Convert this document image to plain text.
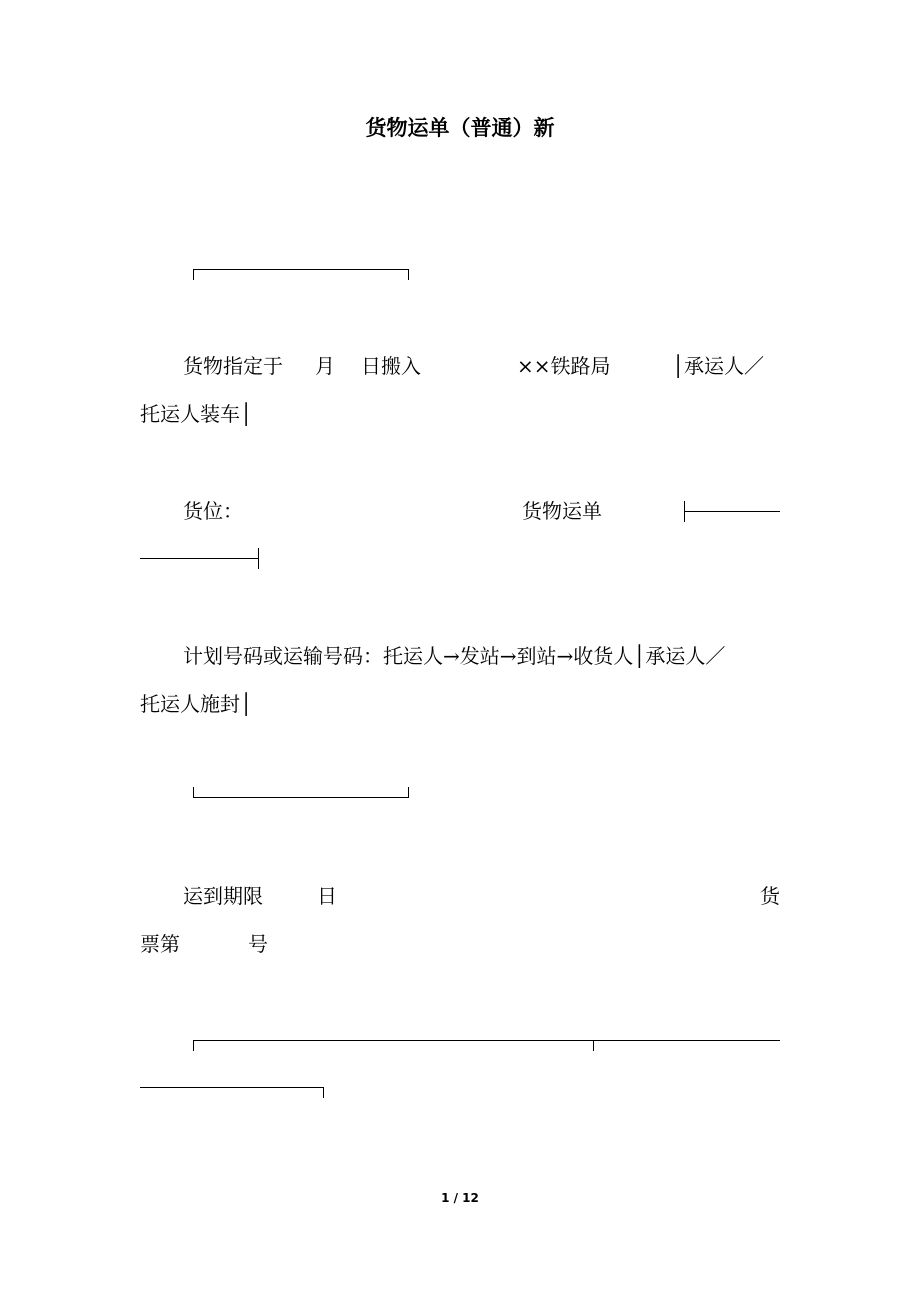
货物运单（普通）新
货物指定于 月 日搬入	××铁路局	│承运人／
托运人装车│
货位：	货物运单
计划号码或运输号码：托运人→发站→到站→收货人│承运人／
托运人施封│
运到期限	日	货
票第	号
1 / 12
